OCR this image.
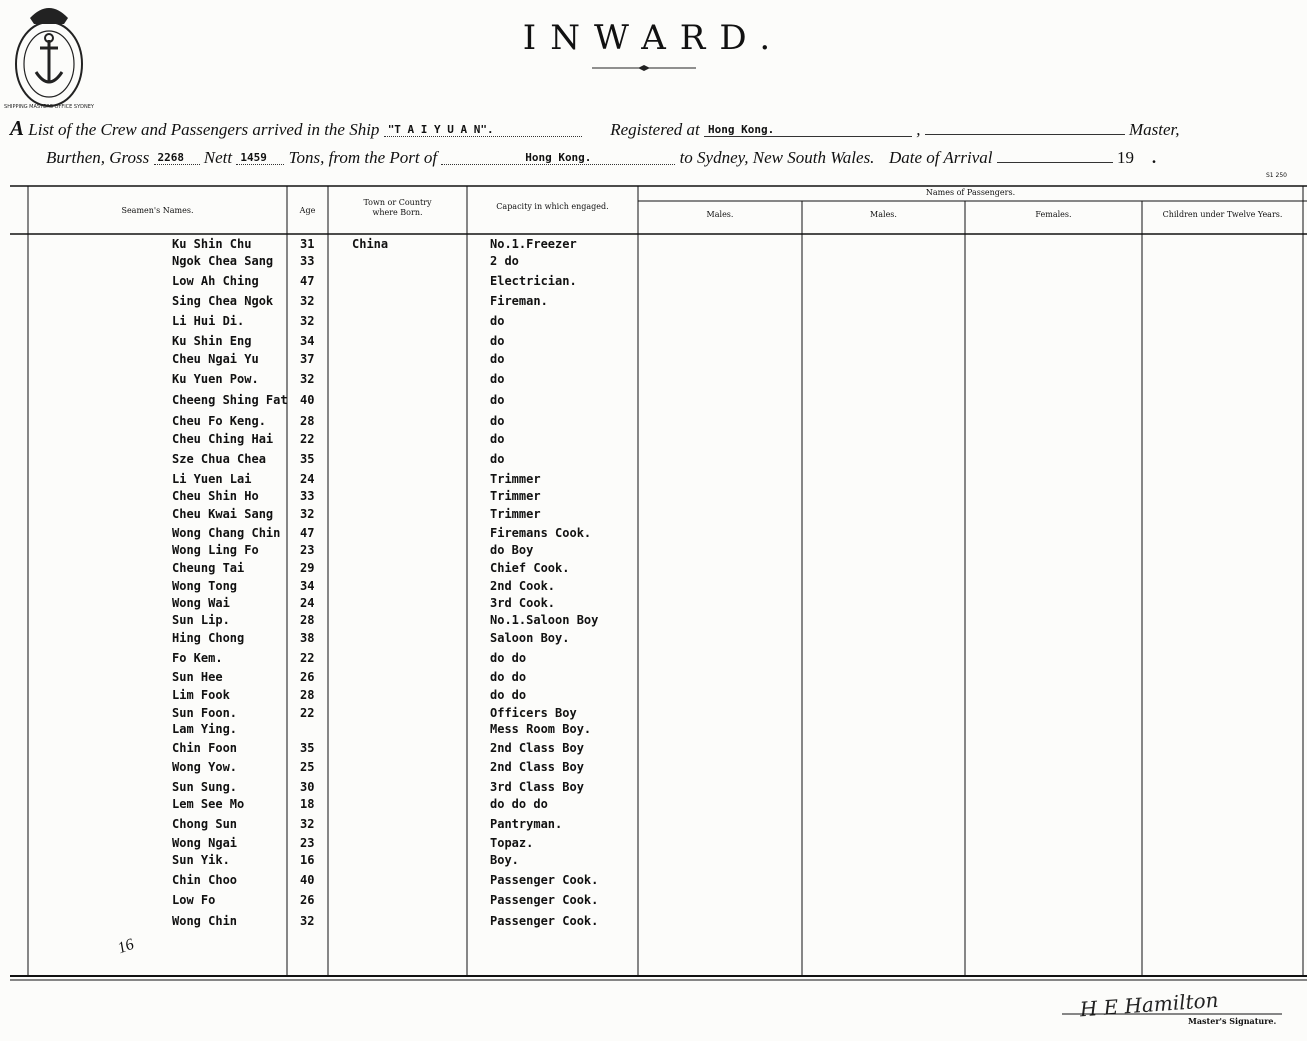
SHIPPING MASTERS OFFICE SYDNEY
INWARD.
A List of the Crew and Passengers arrived in the Ship "T A I Y U A N".	Registered at Hong Kong.	,	Master,
Burthen, Gross 2268 Nett 1459 Tons, from the Port of	Hong Kong.	to Sydney, New South Wales. Date of Arrival	19 .
S1 250
Seamen's Names.	Age
Town or Country
where Born.
Capacity in which engaged.
Names of Passengers.
Males.	Males.	Females.	Children under Twelve Years.
Ku Shin Chu	31	China	No.1.Freezer
Ngok Chea Sang 33	2 do
Low Ah Ching	47	Electrician.
Sing Chea Ngok 32	Fireman.
Li Hui Di.	32	do
Ku Shin Eng	34	do
Cheu Ngai Yu	37	do
Ku Yuen Pow.	32	do
Cheeng Shing Fat 40	do
Cheu Fo Keng.	28	do
Cheu Ching Hai 22	do
Sze Chua Chea	35	do
Li Yuen Lai	24	Trimmer
Cheu Shin Ho	33	Trimmer
Cheu Kwai Sang 32	Trimmer
Wong Chang Chin 47	Firemans Cook.
Wong Ling Fo	23	do Boy
Cheung Tai	29	Chief Cook.
Wong Tong	34	2nd Cook.
Wong Wai	24	3rd Cook.
Sun Lip.	28	No.1.Saloon Boy
Hing Chong	38	Saloon Boy.
Fo Kem.	22	do do
Sun Hee	26	do do
Lim Fook	28	do do
Sun Foon.	22	Officers Boy
Lam Ying.	Mess Room Boy.
Chin Foon	35	2nd Class Boy
Wong Yow.	25	2nd Class Boy
Sun Sung.	30	3rd Class Boy
Lem See Mo	18	do do do
Chong Sun	32	Pantryman.
Wong Ngai	23	Topaz.
Sun Yik.	16	Boy.
Chin Choo	40	Passenger Cook.
Low Fo	26	Passenger Cook.
Wong Chin	32	Passenger Cook.
16
H E Hamilton
Master's Signature.
